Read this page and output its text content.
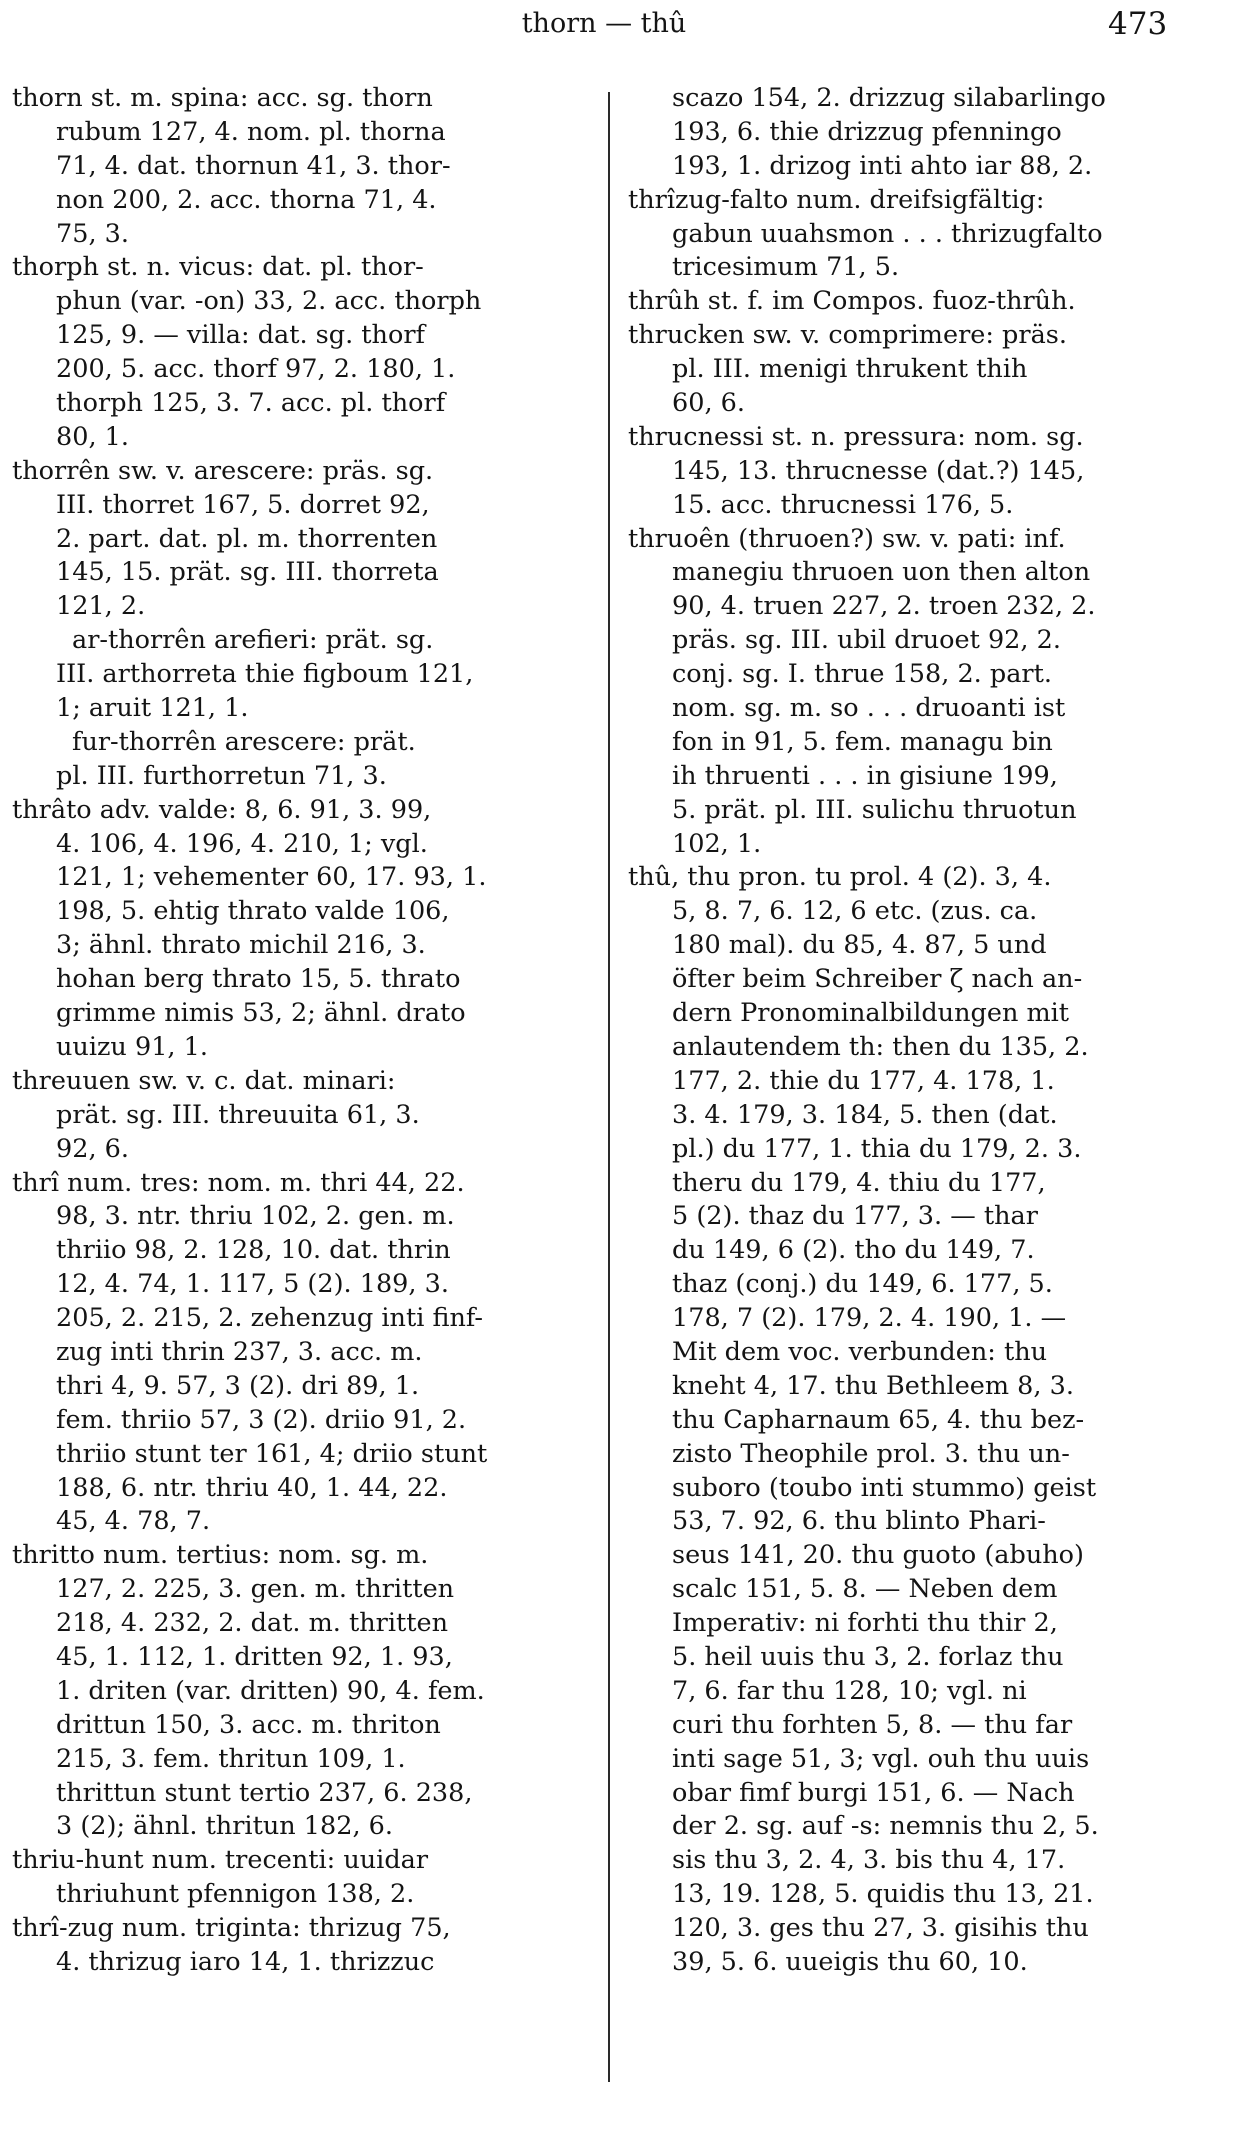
thorn — thû	473
thorn st. m. spina: acc. sg. thorn
rubum 127, 4. nom. pl. thorna
71, 4. dat. thornun 41, 3. thor-
non 200, 2. acc. thorna 71, 4.
75, 3.
thorph st. n. vicus: dat. pl. thor-
phun (var. -on) 33, 2. acc. thorph
125, 9. — villa: dat. sg. thorf
200, 5. acc. thorf 97, 2. 180, 1.
thorph 125, 3. 7. acc. pl. thorf
80, 1.
thorrên sw. v. arescere: präs. sg.
III. thorret 167, 5. dorret 92,
2. part. dat. pl. m. thorrenten
145, 15. prät. sg. III. thorreta
121, 2.
ar-thorrên arefieri: prät. sg.
III. arthorreta thie figboum 121,
1; aruit 121, 1.
fur-thorrên arescere: prät.
pl. III. furthorretun 71, 3.
thrâto adv. valde: 8, 6. 91, 3. 99,
4. 106, 4. 196, 4. 210, 1; vgl.
121, 1; vehementer 60, 17. 93, 1.
198, 5. ehtig thrato valde 106,
3; ähnl. thrato michil 216, 3.
hohan berg thrato 15, 5. thrato
grimme nimis 53, 2; ähnl. drato
uuizu 91, 1.
threuuen sw. v. c. dat. minari:
prät. sg. III. threuuita 61, 3.
92, 6.
thrî num. tres: nom. m. thri 44, 22.
98, 3. ntr. thriu 102, 2. gen. m.
thriio 98, 2. 128, 10. dat. thrin
12, 4. 74, 1. 117, 5 (2). 189, 3.
205, 2. 215, 2. zehenzug inti finf-
zug inti thrin 237, 3. acc. m.
thri 4, 9. 57, 3 (2). dri 89, 1.
fem. thriio 57, 3 (2). driio 91, 2.
thriio stunt ter 161, 4; driio stunt
188, 6. ntr. thriu 40, 1. 44, 22.
45, 4. 78, 7.
thritto num. tertius: nom. sg. m.
127, 2. 225, 3. gen. m. thritten
218, 4. 232, 2. dat. m. thritten
45, 1. 112, 1. dritten 92, 1. 93,
1. driten (var. dritten) 90, 4. fem.
drittun 150, 3. acc. m. thriton
215, 3. fem. thritun 109, 1.
thrittun stunt tertio 237, 6. 238,
3 (2); ähnl. thritun 182, 6.
thriu-hunt num. trecenti: uuidar
thriuhunt pfennigon 138, 2.
thrî-zug num. triginta: thrizug 75,
4. thrizug iaro 14, 1. thrizzuc
scazo 154, 2. drizzug silabarlingo
193, 6. thie drizzug pfenningo
193, 1. drizog inti ahto iar 88, 2.
thrîzug-falto num. dreifsigfältig:
gabun uuahsmon . . . thrizugfalto
tricesimum 71, 5.
thrûh st. f. im Compos. fuoz-thrûh.
thrucken sw. v. comprimere: präs.
pl. III. menigi thrukent thih
60, 6.
thrucnessi st. n. pressura: nom. sg.
145, 13. thrucnesse (dat.?) 145,
15. acc. thrucnessi 176, 5.
thruoên (thruoen?) sw. v. pati: inf.
manegiu thruoen uon then alton
90, 4. truen 227, 2. troen 232, 2.
präs. sg. III. ubil druoet 92, 2.
conj. sg. I. thrue 158, 2. part.
nom. sg. m. so . . . druoanti ist
fon in 91, 5. fem. managu bin
ih thruenti . . . in gisiune 199,
5. prät. pl. III. sulichu thruotun
102, 1.
thû, thu pron. tu prol. 4 (2). 3, 4.
5, 8. 7, 6. 12, 6 etc. (zus. ca.
180 mal). du 85, 4. 87, 5 und
öfter beim Schreiber ζ nach an-
dern Pronominalbildungen mit
anlautendem th: then du 135, 2.
177, 2. thie du 177, 4. 178, 1.
3. 4. 179, 3. 184, 5. then (dat.
pl.) du 177, 1. thia du 179, 2. 3.
theru du 179, 4. thiu du 177,
5 (2). thaz du 177, 3. — thar
du 149, 6 (2). tho du 149, 7.
thaz (conj.) du 149, 6. 177, 5.
178, 7 (2). 179, 2. 4. 190, 1. —
Mit dem voc. verbunden: thu
kneht 4, 17. thu Bethleem 8, 3.
thu Capharnaum 65, 4. thu bez-
zisto Theophile prol. 3. thu un-
suboro (toubo inti stummo) geist
53, 7. 92, 6. thu blinto Phari-
seus 141, 20. thu guoto (abuho)
scalc 151, 5. 8. — Neben dem
Imperativ: ni forhti thu thir 2,
5. heil uuis thu 3, 2. forlaz thu
7, 6. far thu 128, 10; vgl. ni
curi thu forhten 5, 8. — thu far
inti sage 51, 3; vgl. ouh thu uuis
obar fimf burgi 151, 6. — Nach
der 2. sg. auf -s: nemnis thu 2, 5.
sis thu 3, 2. 4, 3. bis thu 4, 17.
13, 19. 128, 5. quidis thu 13, 21.
120, 3. ges thu 27, 3. gisihis thu
39, 5. 6. uueigis thu 60, 10.
